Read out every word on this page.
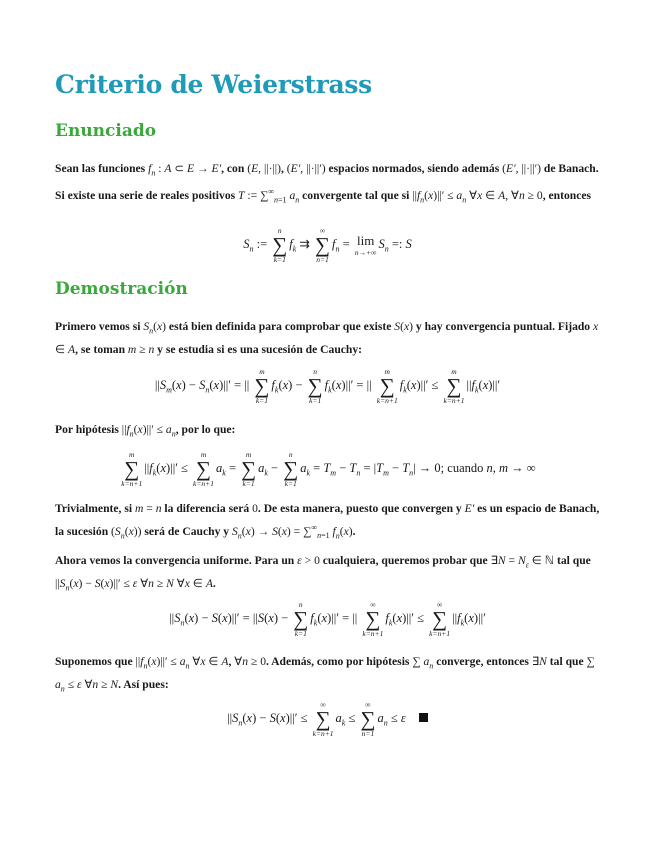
Criterio de Weierstrass
Enunciado

Sean las funciones $f_n$ : A ⊂ E → E′, con (E, ||·||), (E′, ||·||′) espacios normados, siendo además (E′, ||·||′) de Banach. Si existe una serie de reales positivos T := $\sum^\infty_{n=1}$ $a_n$ convergente tal que si $||f_n(x)||' \le a_n$ ∀x ∈ A, ∀n ≥ 0, entonces

$S_n$ :=
n
∑
k=1
$f_k$ ⇉
∞
∑
n=1
$f_n = \lim$
n→+∞
$S_n$ =: S
Demostración

Primero vemos si $S_n(x)$ está bien definida para comprobar que existe S(x) y hay convergencia puntual. Fijado x ∈ A, se toman m ≥ n y se estudia si es una sucesión de Cauchy:

$||S_m(x) - S_n(x)||'$ = ||
m
∑
k=1
$f_k(x)$ −
n
∑
k=1
$f_k(x)||'$ = ||
m
∑
k=n+1
$f_k(x)||'$ ≤
m
∑
k=n+1
$||f_k(x)||'$

Por hipótesis $||f_n(x)||' \le a_n$, por lo que:

m
∑
k=n+1
$||f_k(x)||'$ ≤
m
∑
k=n+1
$a_k$ =
m
∑
k=1
$a_k$ −
n
∑
k=1
$a_k = T_m - T_n = |T_m - T_n| \to 0$; cuando n, m → ∞

Trivialmente, si m = n la diferencia será 0. De esta manera, puesto que convergen y E′ es un espacio de Banach, la sucesión $(S_n(x))$ será de Cauchy y $S_n(x) \to S(x) = \sum^\infty_{n=1}$ $f_n(x)$.

Ahora vemos la convergencia uniforme. Para un ε > 0 cualquiera, queremos probar que ∃N = $N_\varepsilon$ ∈ ℕ tal que $||S_n(x) - S(x)||' \le \varepsilon$ ∀n ≥ N ∀x ∈ A.

$||S_n(x) - S(x)||' = ||S(x)$ −
n
∑
k=1
$f_k(x)||'$ = ||
∞
∑
k=n+1
$f_k(x)||'$ ≤
∞
∑
k=n+1
$||f_k(x)||'$

Suponemos que $||f_n(x)||' \le a_n$ ∀x ∈ A, ∀n ≥ 0. Además, como por hipótesis ∑ $a_n$ converge, entonces ∃N tal que ∑ $a_n \le \varepsilon$ ∀n ≥ N. Así pues:

$||S_n(x) - S(x)||'$ ≤
∞
∑
k=n+1
$a_k$ ≤
∞
∑
n=1
$a_n \le \varepsilon$
